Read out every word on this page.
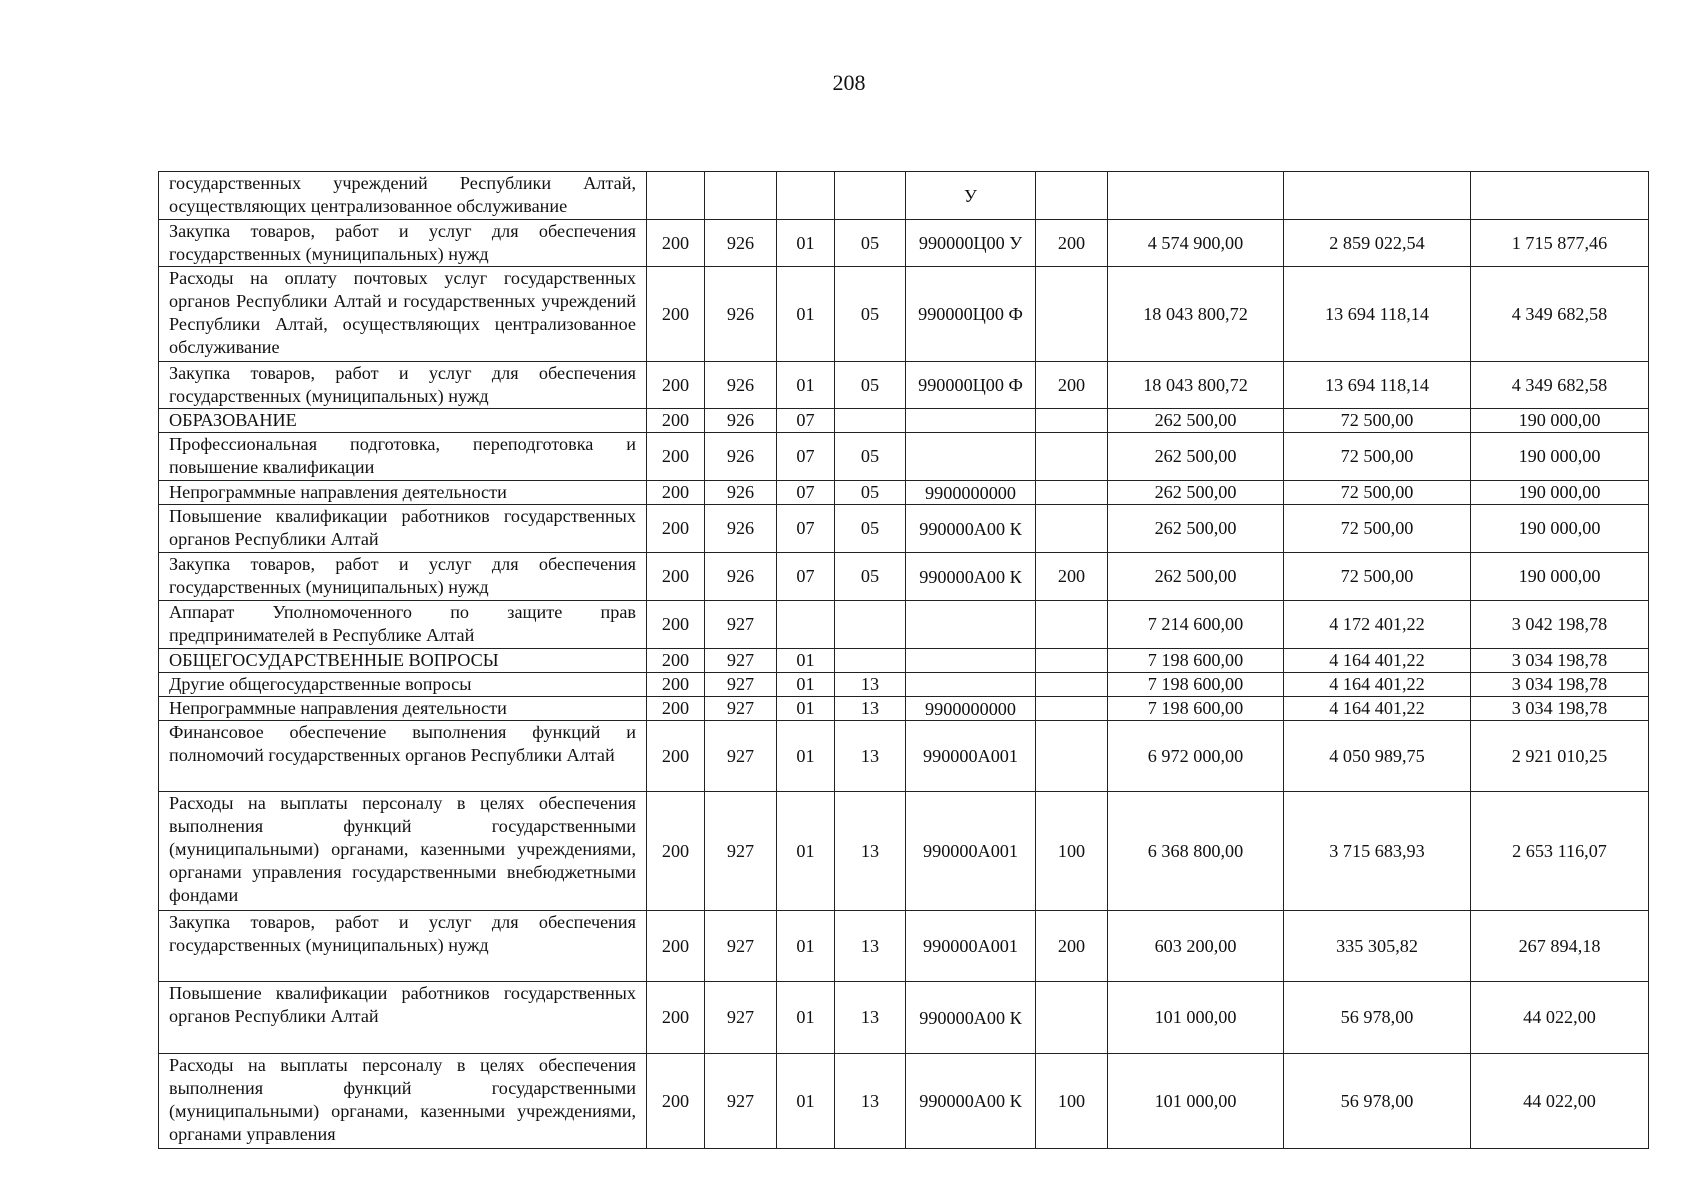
208
государственных учреждений Республики Алтай, осуществляющих централизованное обслуживание					У				
Закупка товаров, работ и услуг для обеспечения государственных (муниципальных) нужд	200	926	01	05	990000Ц00 У	200	4 574 900,00	2 859 022,54	1 715 877,46
Расходы на оплату почтовых услуг государственных органов Республики Алтай и государственных учреждений Республики Алтай, осуществляющих централизованное обслуживание	200	926	01	05	990000Ц00 Ф		18 043 800,72	13 694 118,14	4 349 682,58
Закупка товаров, работ и услуг для обеспечения государственных (муниципальных) нужд	200	926	01	05	990000Ц00 Ф	200	18 043 800,72	13 694 118,14	4 349 682,58
ОБРАЗОВАНИЕ	200	926	07				262 500,00	72 500,00	190 000,00
Профессиональная подготовка, переподготовка и повышение квалификации	200	926	07	05			262 500,00	72 500,00	190 000,00
Непрограммные направления деятельности	200	926	07	05	9900000000		262 500,00	72 500,00	190 000,00
Повышение квалификации работников государственных органов Республики Алтай	200	926	07	05	990000А00 К		262 500,00	72 500,00	190 000,00
Закупка товаров, работ и услуг для обеспечения государственных (муниципальных) нужд	200	926	07	05	990000А00 К	200	262 500,00	72 500,00	190 000,00
Аппарат Уполномоченного по защите прав предпринимателей в Республике Алтай	200	927					7 214 600,00	4 172 401,22	3 042 198,78
ОБЩЕГОСУДАРСТВЕННЫЕ ВОПРОСЫ	200	927	01				7 198 600,00	4 164 401,22	3 034 198,78
Другие общегосударственные вопросы	200	927	01	13			7 198 600,00	4 164 401,22	3 034 198,78
Непрограммные направления деятельности	200	927	01	13	9900000000		7 198 600,00	4 164 401,22	3 034 198,78
Финансовое обеспечение выполнения функций и полномочий государственных органов Республики Алтай	200	927	01	13	990000А001		6 972 000,00	4 050 989,75	2 921 010,25
Расходы на выплаты персоналу в целях обеспечения выполнения функций государственными (муниципальными) органами, казенными учреждениями, органами управления государственными внебюджетными фондами	200	927	01	13	990000А001	100	6 368 800,00	3 715 683,93	2 653 116,07
Закупка товаров, работ и услуг для обеспечения государственных (муниципальных) нужд	200	927	01	13	990000А001	200	603 200,00	335 305,82	267 894,18
Повышение квалификации работников государственных органов Республики Алтай	200	927	01	13	990000А00 К		101 000,00	56 978,00	44 022,00
Расходы на выплаты персоналу в целях обеспечения выполнения функций государственными (муниципальными) органами, казенными учреждениями, органами управления	200	927	01	13	990000А00 К	100	101 000,00	56 978,00	44 022,00
